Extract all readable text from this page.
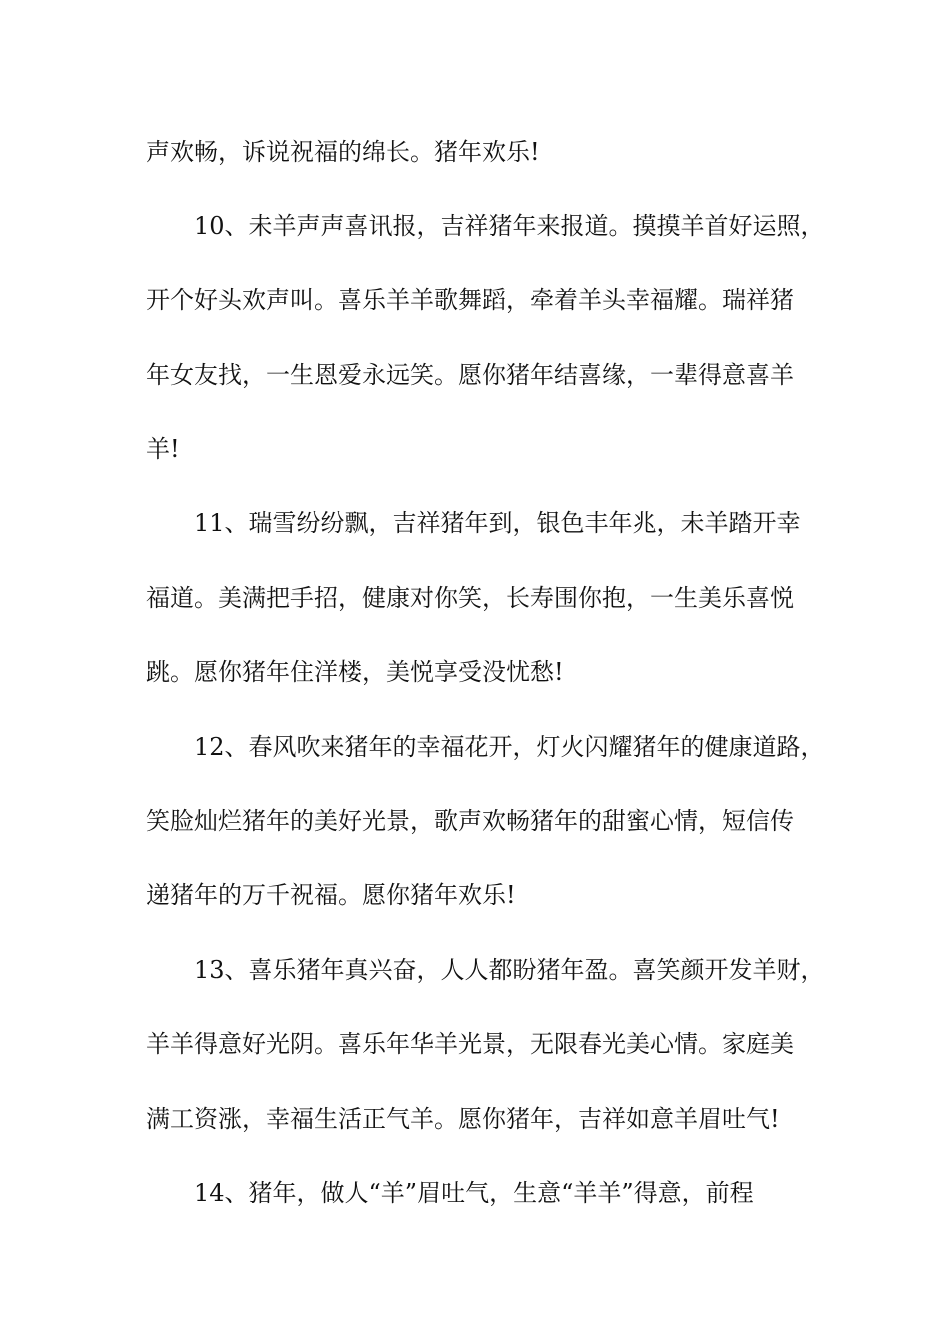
声欢畅，诉说祝福的绵长。猪年欢乐!
10、未羊声声喜讯报，吉祥猪年来报道。摸摸羊首好运照，
开个好头欢声叫。喜乐羊羊歌舞蹈，牵着羊头幸福耀。瑞祥猪
年女友找，一生恩爱永远笑。愿你猪年结喜缘，一辈得意喜羊
羊!
11、瑞雪纷纷飘，吉祥猪年到，银色丰年兆，未羊踏开幸
福道。美满把手招，健康对你笑，长寿围你抱，一生美乐喜悦
跳。愿你猪年住洋楼，美悦享受没忧愁!
12、春风吹来猪年的幸福花开，灯火闪耀猪年的健康道路，
笑脸灿烂猪年的美好光景，歌声欢畅猪年的甜蜜心情，短信传
递猪年的万千祝福。愿你猪年欢乐!
13、喜乐猪年真兴奋，人人都盼猪年盈。喜笑颜开发羊财，
羊羊得意好光阴。喜乐年华羊光景，无限春光美心情。家庭美
满工资涨，幸福生活正气羊。愿你猪年，吉祥如意羊眉吐气!
14、猪年，做人“羊”眉吐气，生意“羊羊”得意，前程
